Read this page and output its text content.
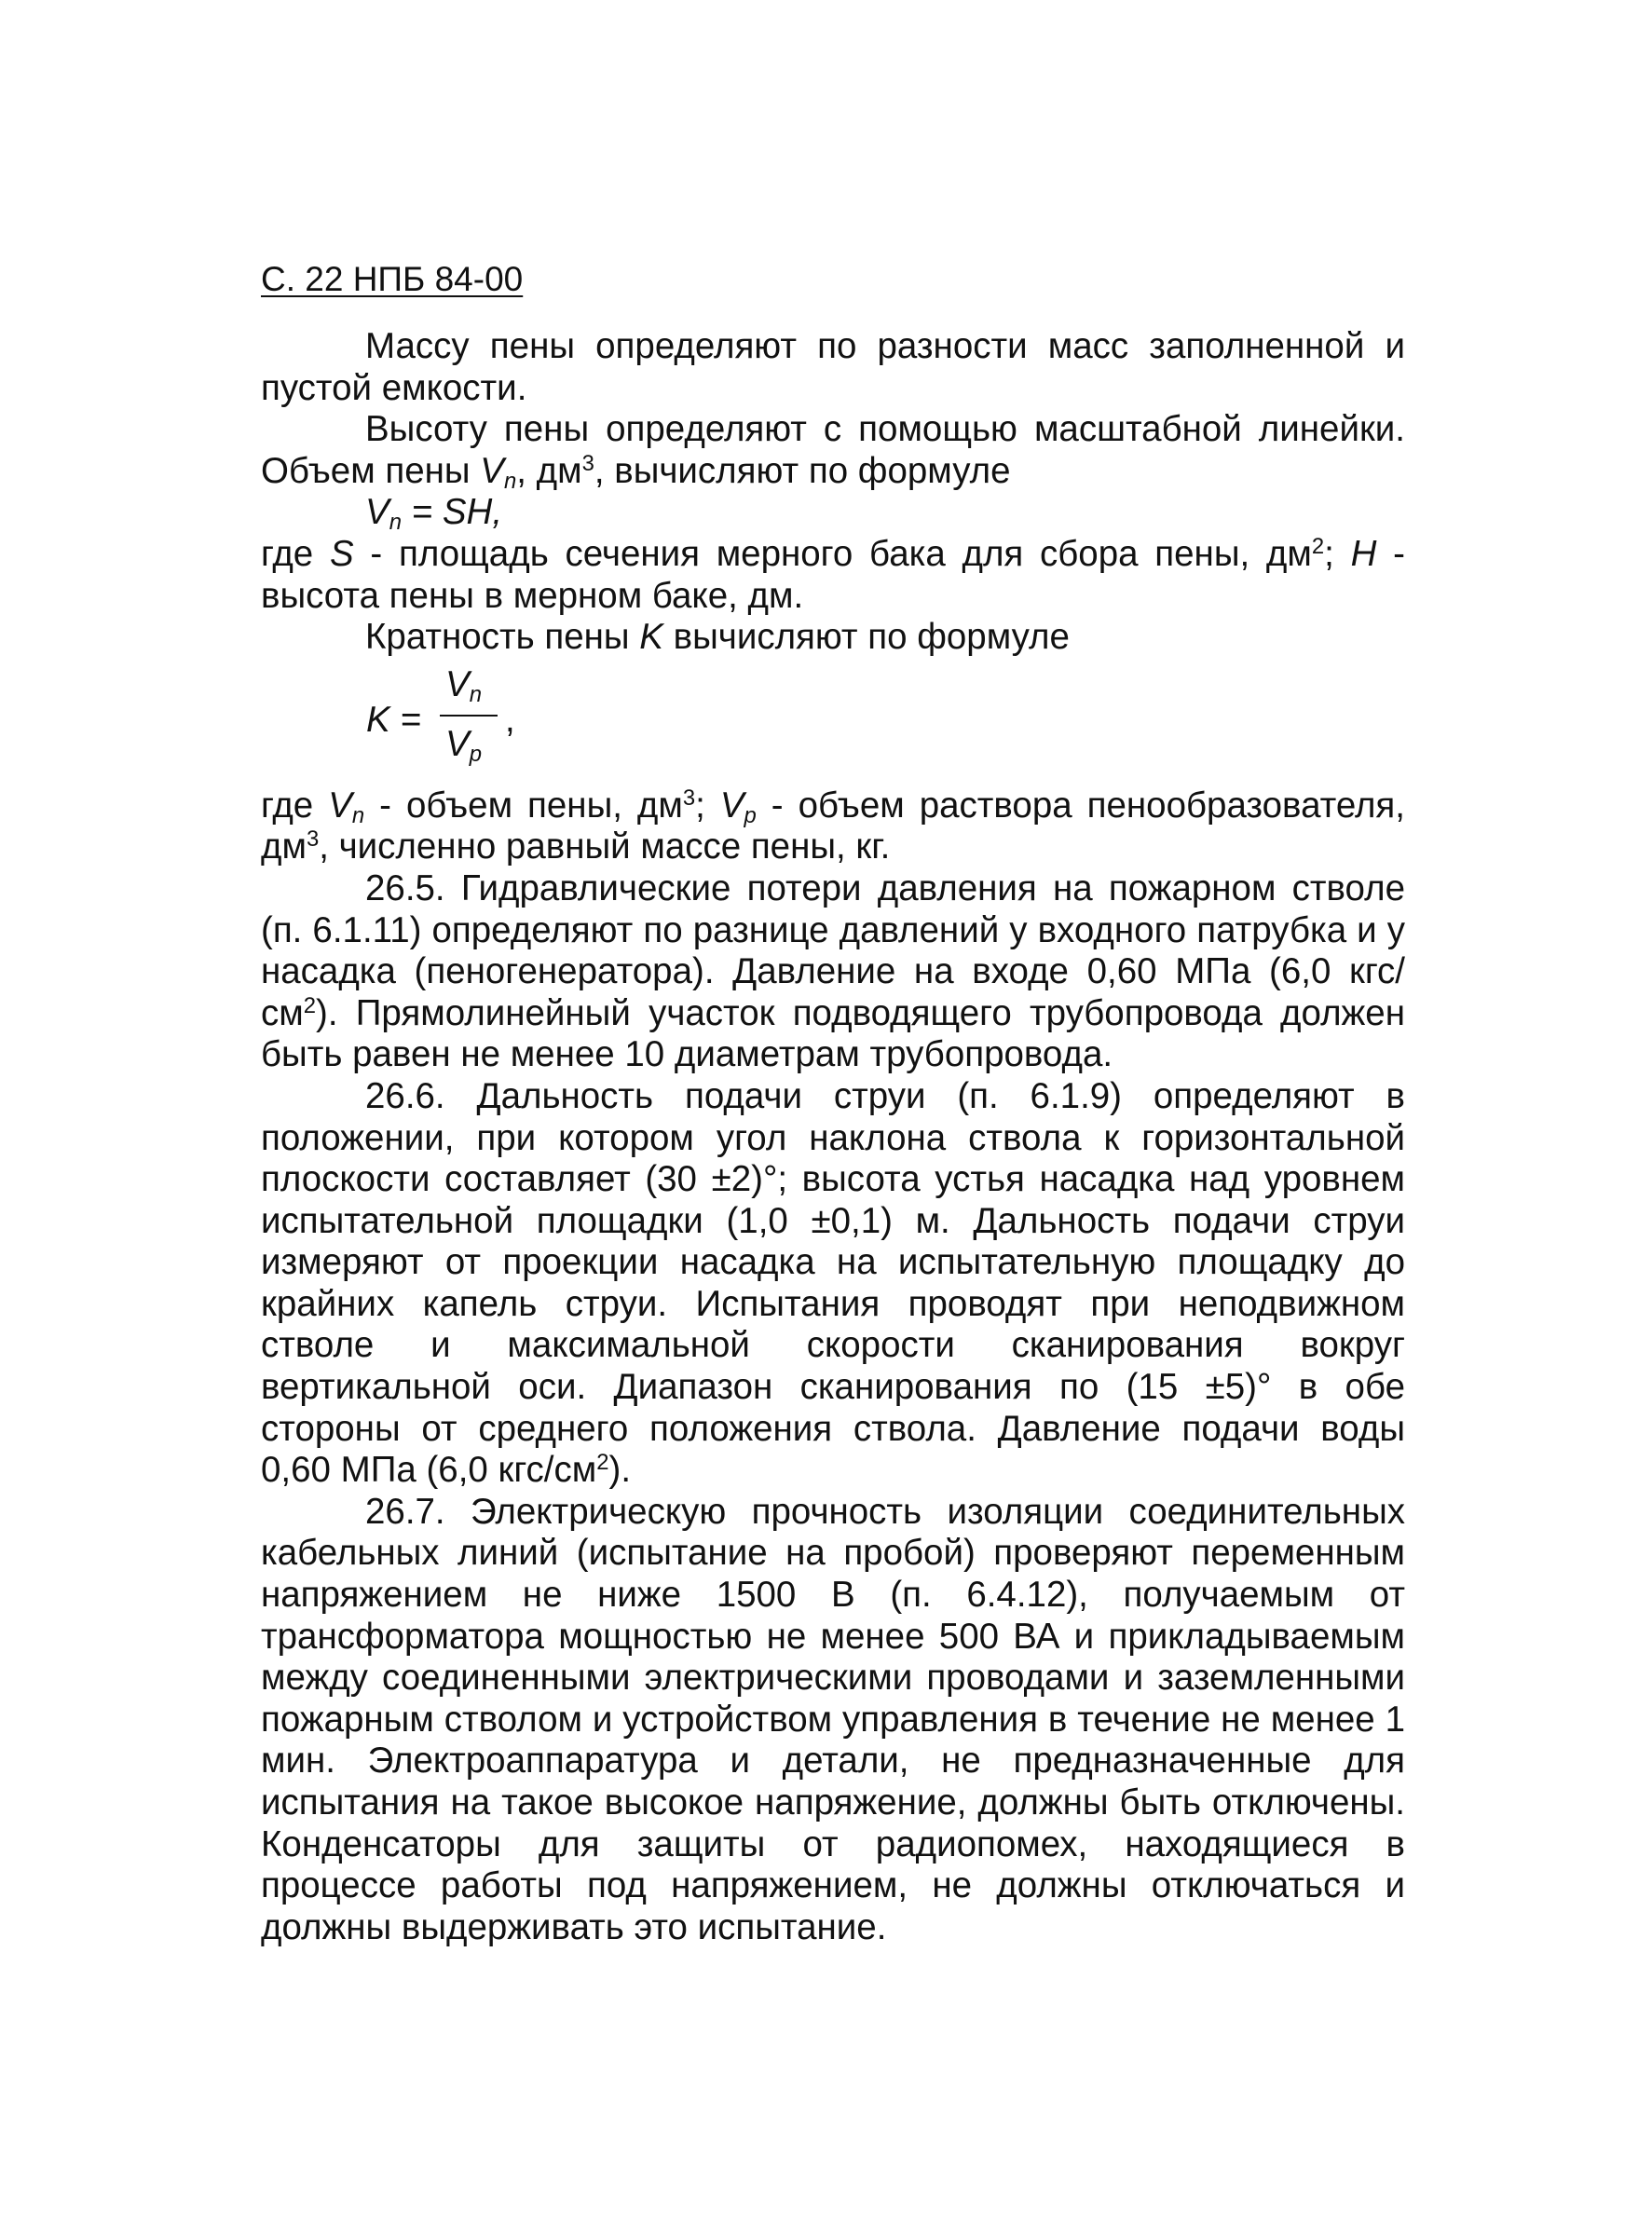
С. 22 НПБ 84-00

Массу пены определяют по разности масс заполненной и пустой емкости.

Высоту пены определяют с помощью масштабной линейки. Объем пены $V_n$, $дм^3$, вычисляют по формуле

$V_n$ = SH,

где S - площадь сечения мерного бака для сбора пены, $дм^2$; H - высота пены в мерном баке, дм.

Кратность пены K вычисляют по формуле

K =
$V_n$
$V_p$
,

где $V_n$ - объем пены, $дм^3$; $V_p$ - объем раствора пенообразователя, $дм^3$, численно равный массе пены, кг.

26.5. Гидравлические потери давления на пожарном стволе (п. 6.1.11) определяют по разнице давлений у входного патрубка и у насадка (пеногенератора). Давление на входе 0,60 МПа (6,0 кгс/$см^2$). Прямолинейный участок подводящего трубопровода должен быть равен не менее 10 диаметрам трубопровода.

26.6. Дальность подачи струи (п. 6.1.9) определяют в положении, при котором угол наклона ствола к горизонтальной плоскости составляет (30 ±2)°; высота устья насадка над уровнем испытательной площадки (1,0 ±0,1) м. Дальность подачи струи измеряют от проекции насадка на испытательную площадку до крайних капель струи. Испытания проводят при неподвижном стволе и максимальной скорости сканирования вокруг вертикальной оси. Диапазон сканирования по (15 ±5)° в обе стороны от среднего положения ствола. Давление подачи воды 0,60 МПа (6,0 кгс/$см^2$).

26.7. Электрическую прочность изоляции соединительных кабельных линий (испытание на пробой) проверяют переменным напряжением не ниже 1500 В (п. 6.4.12), получаемым от трансформатора мощностью не менее 500 ВА и прикладываемым между соединенными электрическими проводами и заземленными пожарным стволом и устройством управления в течение не менее 1 мин. Электроаппаратура и детали, не предназначенные для испытания на такое высокое напряжение, должны быть отключены. Конденсаторы для защиты от радиопомех, находящиеся в процессе работы под напряжением, не должны отключаться и должны выдерживать это испытание.
